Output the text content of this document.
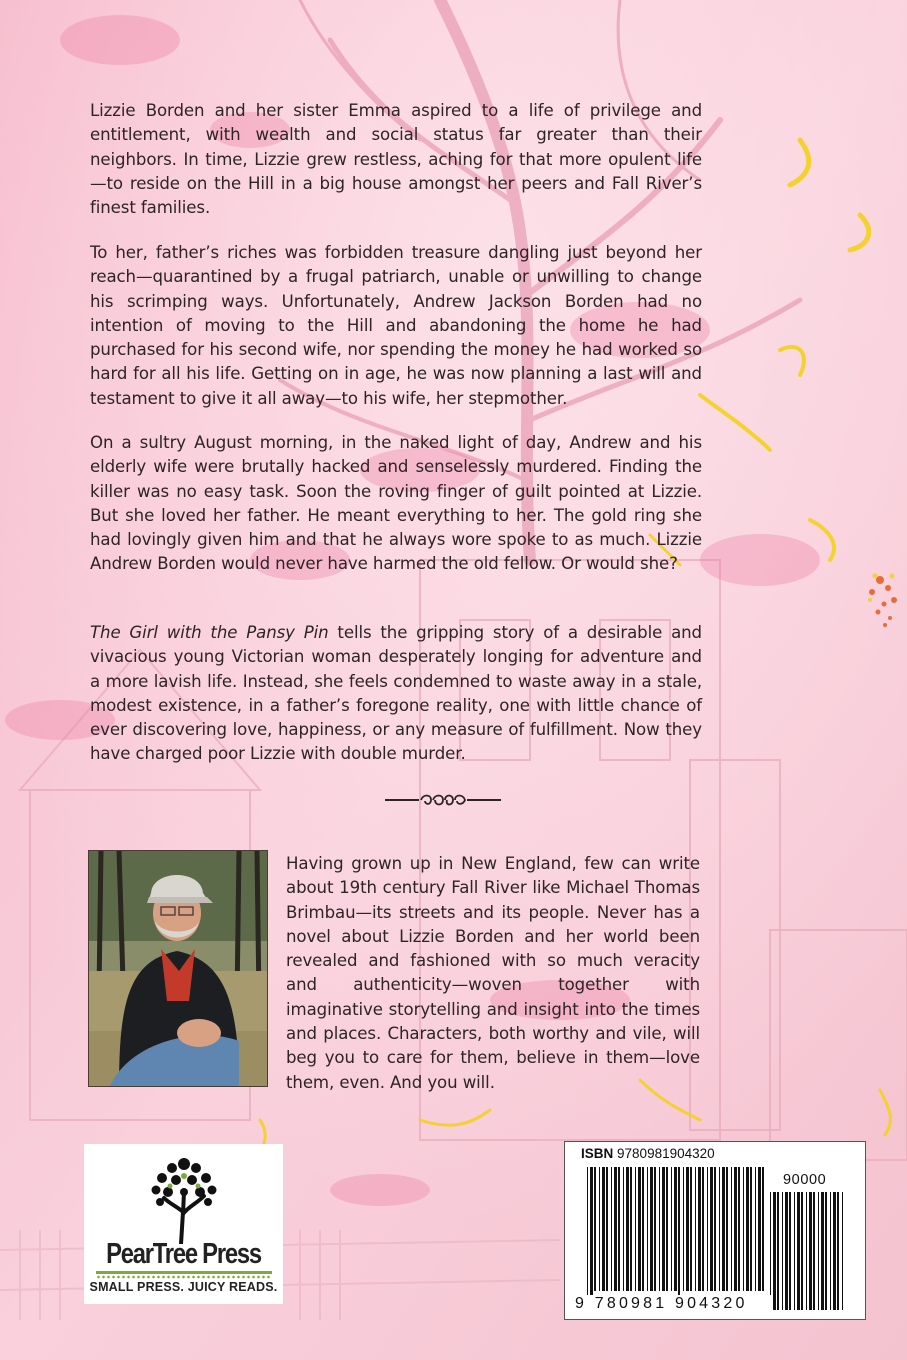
Lizzie Borden and her sister Emma aspired to a life of privilege and entitlement, with wealth and social status far greater than their neighbors. In time, Lizzie grew restless, aching for that more opulent life—to reside on the Hill in a big house amongst her peers and Fall River’s finest families.

To her, father’s riches was forbidden treasure dangling just beyond her reach—quarantined by a frugal patriarch, unable or unwilling to change his scrimping ways. Unfortunately, Andrew Jackson Borden had no intention of moving to the Hill and abandoning the home he had purchased for his second wife, nor spending the money he had worked so hard for all his life. Getting on in age, he was now planning a last will and testament to give it all away—to his wife, her stepmother.

On a sultry August morning, in the naked light of day, Andrew and his elderly wife were brutally hacked and senselessly murdered. Finding the killer was no easy task. Soon the roving finger of guilt pointed at Lizzie. But she loved her father. He meant everything to her. The gold ring she had lovingly given him and that he always wore spoke to as much. Lizzie Andrew Borden would never have harmed the old fellow. Or would she?

The Girl with the Pansy Pin tells the gripping story of a desirable and vivacious young Victorian woman desperately longing for adventure and a more lavish life. Instead, she feels condemned to waste away in a stale, modest existence, in a father’s foregone reality, one with little chance of ever discovering love, happiness, or any measure of fulfillment. Now they have charged poor Lizzie with double murder.

Having grown up in New England, few can write about 19th century Fall River like Michael Thomas Brimbau—its streets and its people. Never has a novel about Lizzie Borden and her world been revealed and fashioned with so much veracity and authenticity—woven together with imaginative storytelling and insight into the times and places. Characters, both worthy and vile, will beg you to care for them, believe in them—love them, even. And you will.

PearTree Press
SMALL PRESS. JUICY READS.
ISBN 9780981904320
90000
9 780981 904320
